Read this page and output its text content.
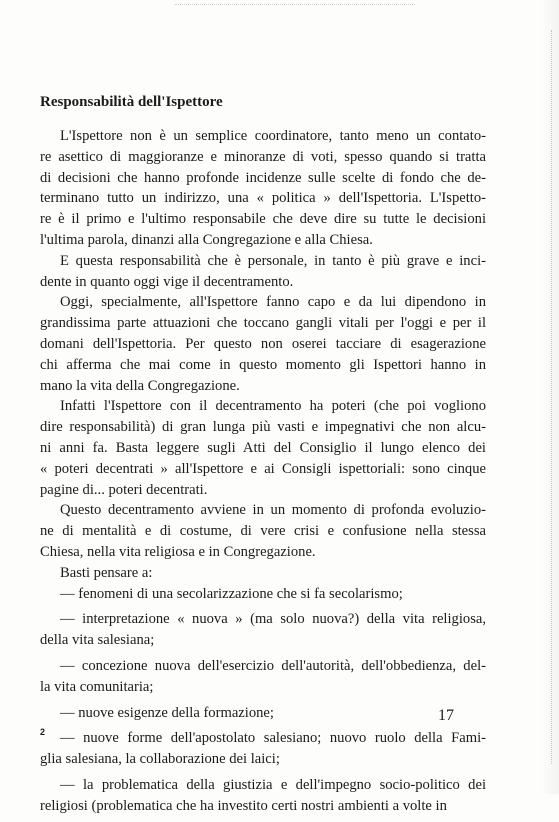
Responsabilità dell'Ispettore
L'Ispettore non è un semplice coordinatore, tanto meno un contato-
re asettico di maggioranze e minoranze di voti, spesso quando si tratta
di decisioni che hanno profonde incidenze sulle scelte di fondo che de-
terminano tutto un indirizzo, una « politica » dell'Ispettoria. L'Ispetto-
re è il primo e l'ultimo responsabile che deve dire su tutte le decisioni
l'ultima parola, dinanzi alla Congregazione e alla Chiesa.
E questa responsabilità che è personale, in tanto è più grave e inci-
dente in quanto oggi vige il decentramento.
Oggi, specialmente, all'Ispettore fanno capo e da lui dipendono in
grandissima parte attuazioni che toccano gangli vitali per l'oggi e per il
domani dell'Ispettoria. Per questo non oserei tacciare di esagerazione
chi afferma che mai come in questo momento gli Ispettori hanno in
mano la vita della Congregazione.
Infatti l'Ispettore con il decentramento ha poteri (che poi vogliono
dire responsabilità) di gran lunga più vasti e impegnativi che non alcu-
ni anni fa. Basta leggere sugli Atti del Consiglio il lungo elenco dei
« poteri decentrati » all'Ispettore e ai Consigli ispettoriali: sono cinque
pagine di... poteri decentrati.
Questo decentramento avviene in un momento di profonda evoluzio-
ne di mentalità e di costume, di vere crisi e confusione nella stessa
Chiesa, nella vita religiosa e in Congregazione.
Basti pensare a:
— fenomeni di una secolarizzazione che si fa secolarismo;
— interpretazione « nuova » (ma solo nuova?) della vita religiosa,
della vita salesiana;
— concezione nuova dell'esercizio dell'autorità, dell'obbedienza, del-
la vita comunitaria;
— nuove esigenze della formazione;
— nuove forme dell'apostolato salesiano; nuovo ruolo della Fami-
glia salesiana, la collaborazione dei laici;
— la problematica della giustizia e dell'impegno socio-politico dei
religiosi (problematica che ha investito certi nostri ambienti a volte in
17
2
